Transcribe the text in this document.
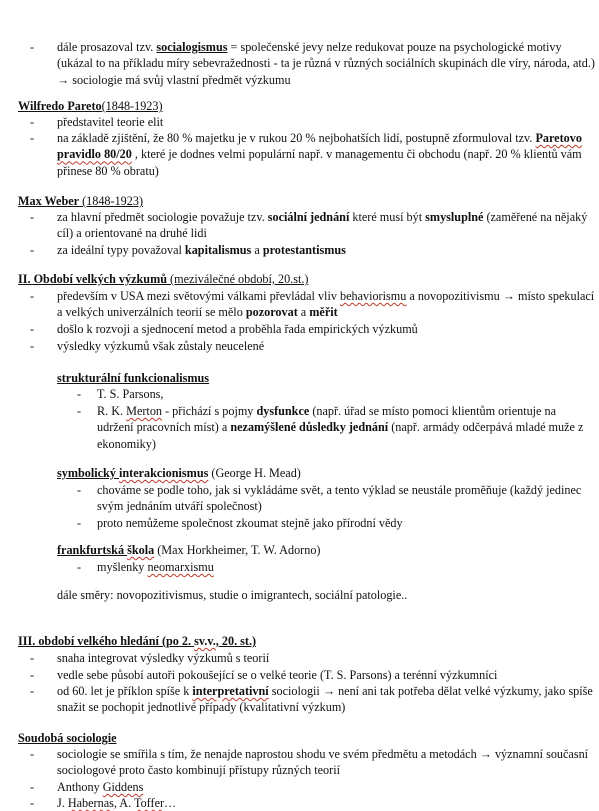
-	dále prosazoval tzv. socialogismus = společenské jevy nelze redukovat pouze na psychologické motivy (ukázal to na příkladu míry sebevražednosti - ta je různá v různých sociálních skupinách dle víry, národa, atd.) → sociologie má svůj vlastní předmět výzkumu
Wilfredo Pareto(1848-1923)
-	představitel teorie elit
-	na základě zjištění, že 80 % majetku je v rukou 20 % nejbohatších lidí, postupně zformuloval tzv. Paretovo pravidlo 80/20 , které je dodnes velmi populární např. v managementu či obchodu (např. 20 % klientů vám přinese 80 % obratu)
Max Weber (1848-1923)
-	za hlavní předmět sociologie považuje tzv. sociální jednání které musí být smysluplné (zaměřené na nějaký cíl) a orientované na druhé lidi
-	za ideální typy považoval kapitalismus a protestantismus
II. Období velkých výzkumů (meziválečné období, 20.st.)
-	především v USA mezi světovými válkami převládal vliv behaviorismu a novopozitivismu → místo spekulací a velkých univerzálních teorií se mělo pozorovat a měřit
-	došlo k rozvoji a sjednocení metod a proběhla řada empirických výzkumů
-	výsledky výzkumů však zůstaly neucelené
strukturální funkcionalismus
-	T. S. Parsons,
-	R. K. Merton - přichází s pojmy dysfunkce (např. úřad se místo pomoci klientům orientuje na udržení pracovních míst) a nezamýšlené důsledky jednání (např. armády odčerpává mladé muže z ekonomiky)
symbolický interakcionismus (George H. Mead)
-	chováme se podle toho, jak si vykládáme svět, a tento výklad se neustále proměňuje (každý jedinec svým jednáním utváří společnost)
-	proto nemůžeme společnost zkoumat stejně jako přírodní vědy
frankfurtská škola (Max Horkheimer, T. W. Adorno)
-	myšlenky neomarxismu
dále směry: novopozitivismus, studie o imigrantech, sociální patologie..
III. období velkého hledání (po 2. sv.v., 20. st.)
-	snaha integrovat výsledky výzkumů s teorií
-	vedle sebe působí autoři pokoušející se o velké teorie (T. S. Parsons) a terénní výzkumníci
-	od 60. let je příklon spíše k interpretativní sociologii → není ani tak potřeba dělat velké výzkumy, jako spíše snažit se pochopit jednotlivé případy (kvalitativní výzkum)
Soudobá sociologie
-	sociologie se smířila s tím, že nenajde naprostou shodu ve svém předmětu a metodách → významní současní sociologové proto často kombinují přístupy různých teorií
-	Anthony Giddens
-	J. Habernas, A. Toffer…
